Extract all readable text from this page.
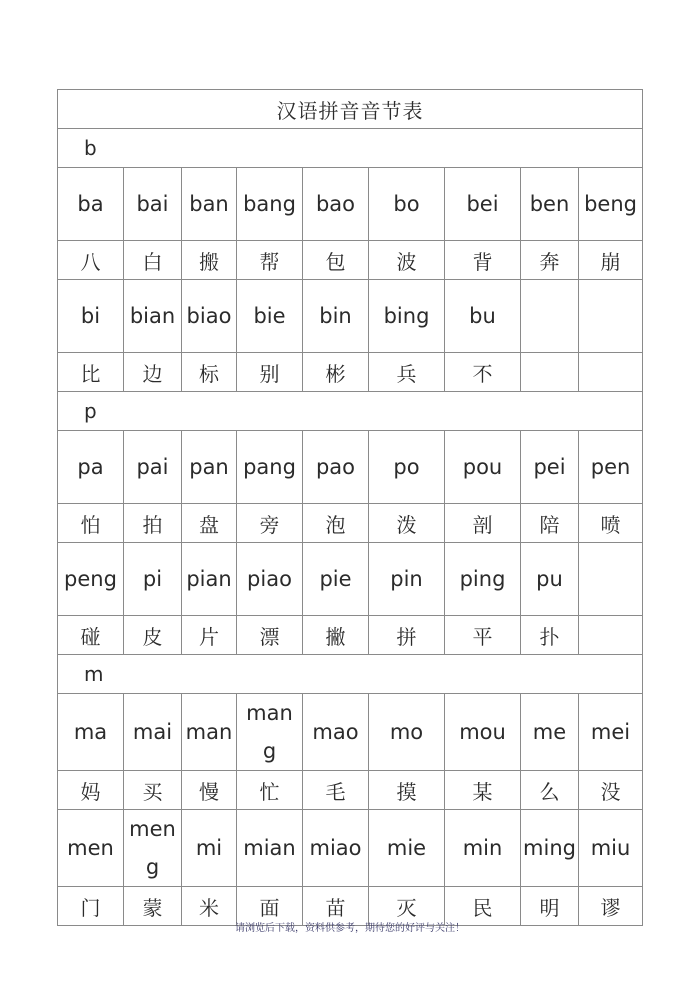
汉语拼音音节表								
b								
ba	bai	ban	bang	bao	bo	bei	ben	beng
八	白	搬	帮	包	波	背	奔	崩
bi	bian	biao	bie	bin	bing	bu		
比	边	标	别	彬	兵	不		
p								
pa	pai	pan	pang	pao	po	pou	pei	pen
怕	拍	盘	旁	泡	泼	剖	陪	喷
peng	pi	pian	piao	pie	pin	ping	pu	
碰	皮	片	漂	撇	拼	平	扑	
m								
ma	mai	man	mang	mao	mo	mou	me	mei
妈	买	慢	忙	毛	摸	某	么	没
men	meng	mi	mian	miao	mie	min	ming	miu
门	蒙	米	面	苗	灭	民	明	谬
请浏览后下载，资料供参考，期待您的好评与关注！
